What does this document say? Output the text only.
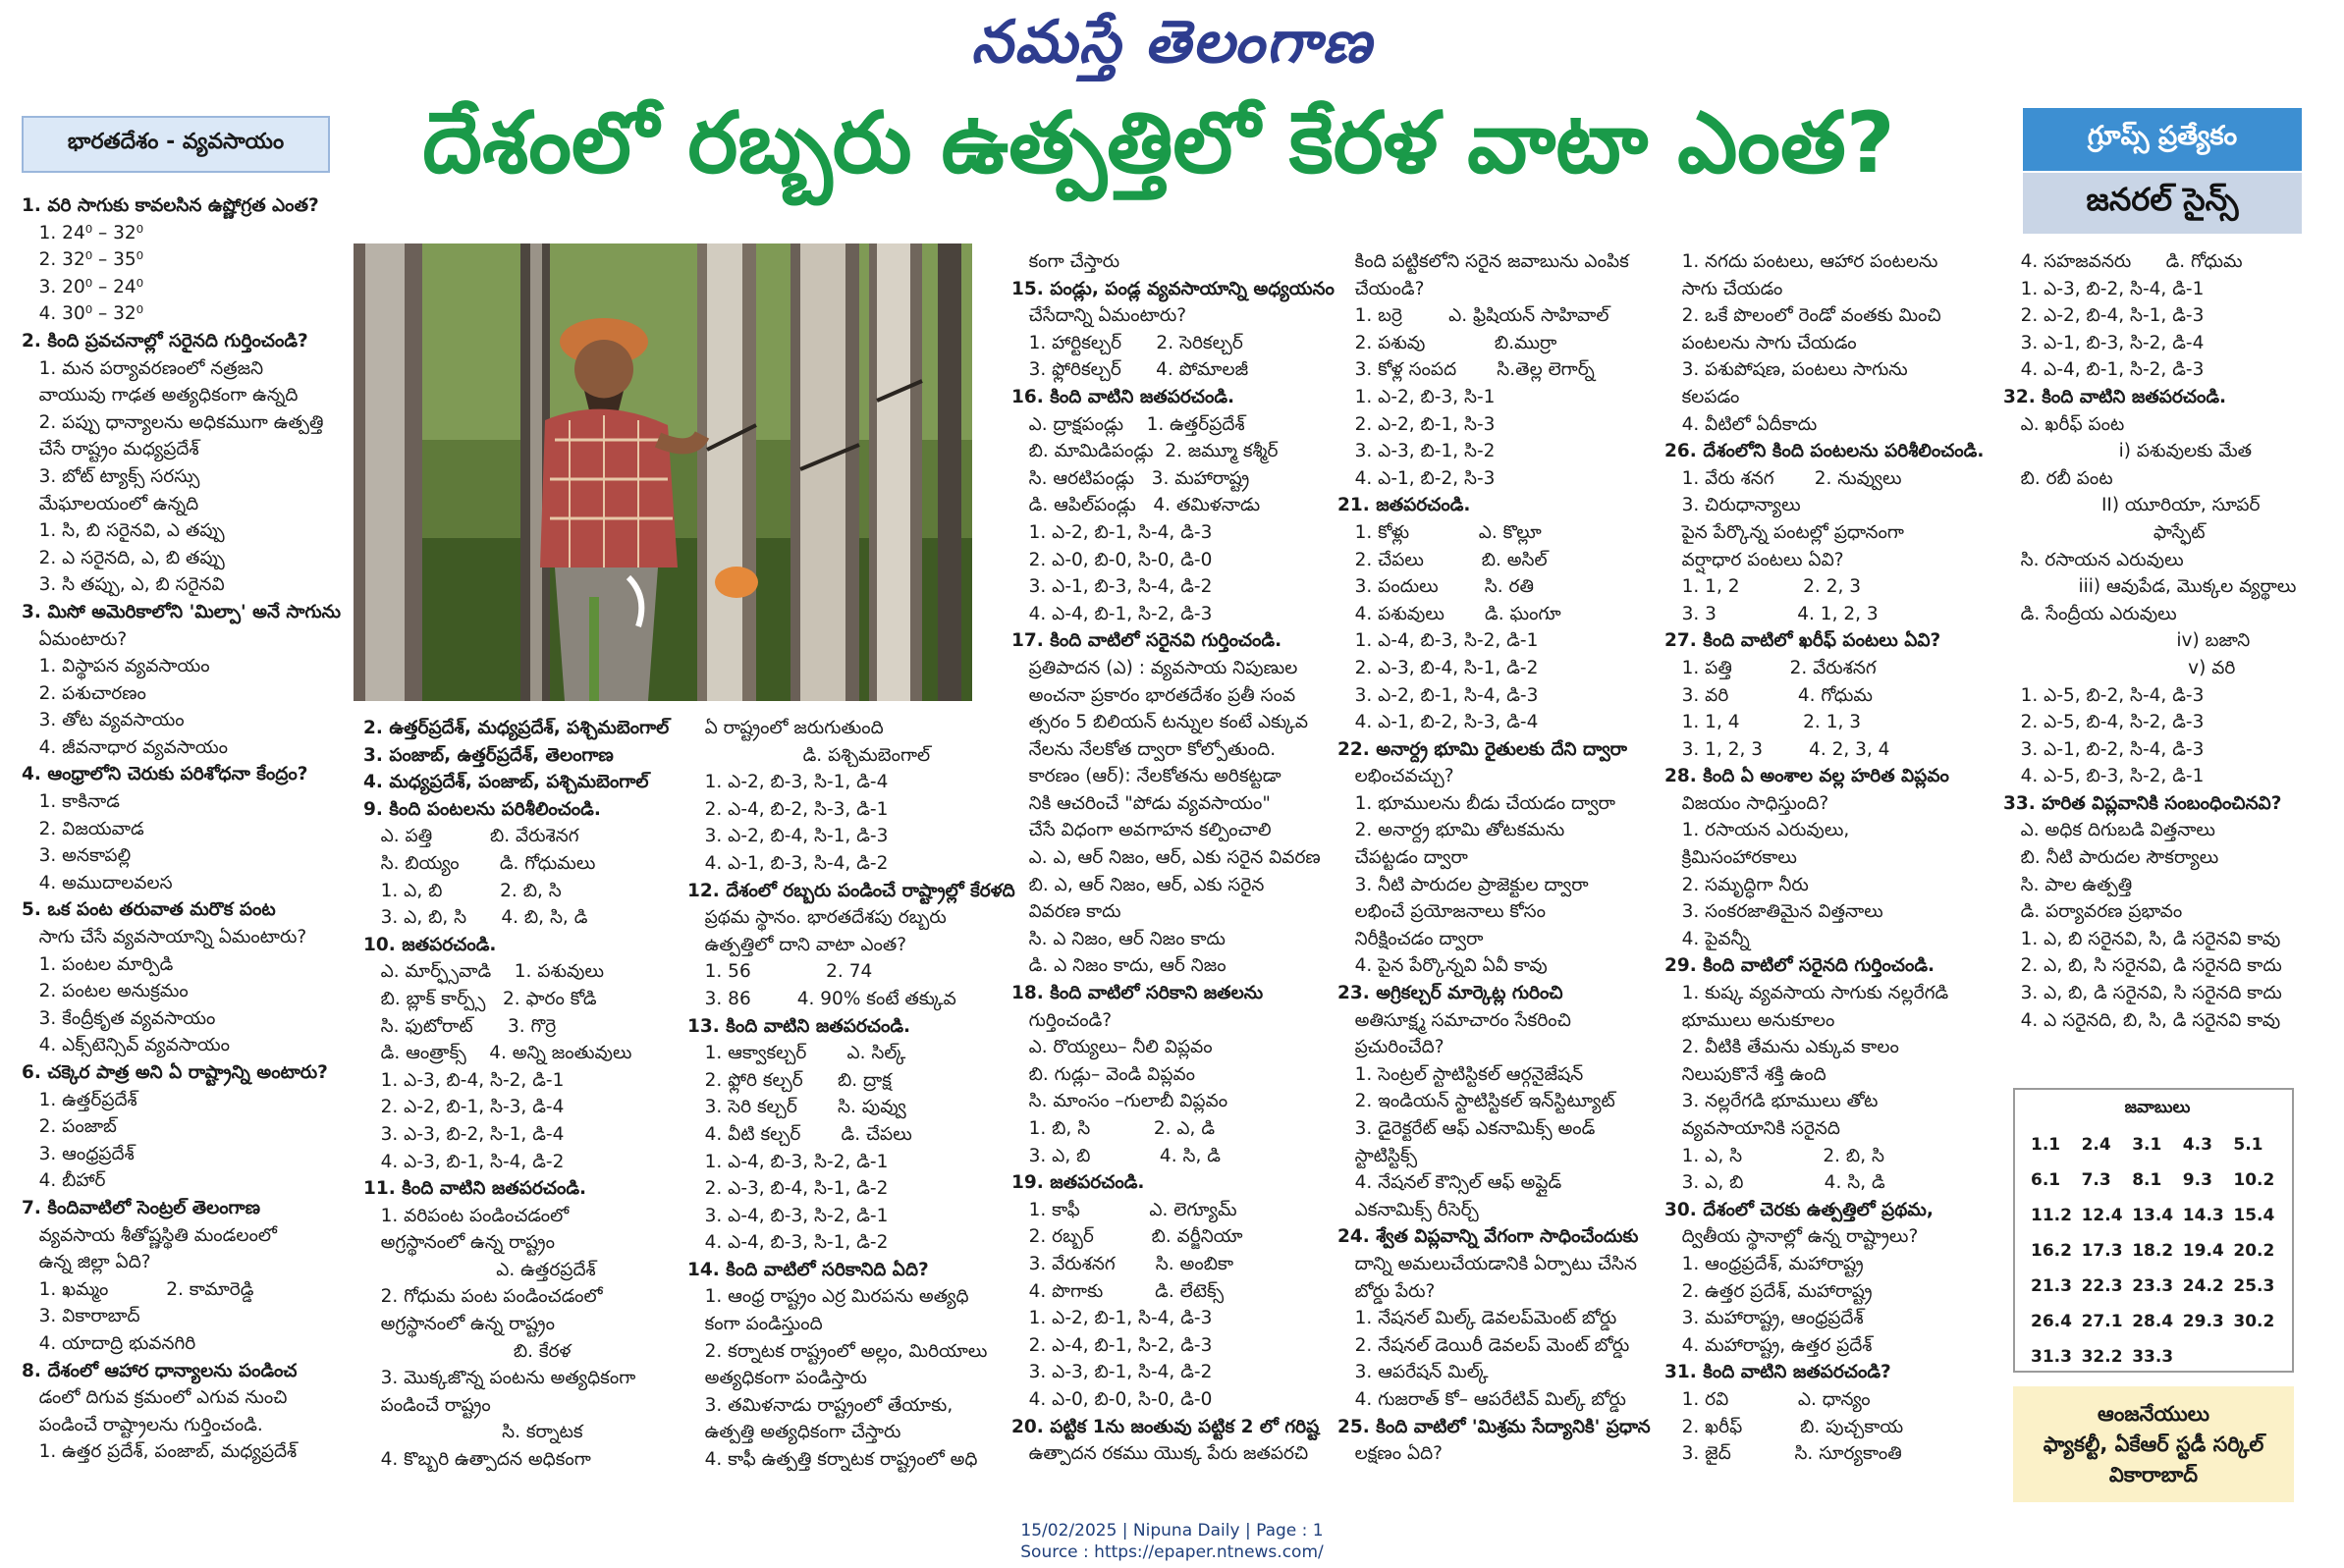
నమస్తే తెలంగాణ
భారతదేశం - వ్యవసాయం	దేశంలో రబ్బరు ఉత్పత్తిలో కేరళ వాటా ఎంత?	గ్రూప్స్ ప్రత్యేకం
జనరల్ సైన్స్
1. వరి సాగుకు కావలసిన ఉష్ణోగ్రత ఎంత?
1. 24⁰ – 32⁰
2. 32⁰ – 35⁰
3. 20⁰ – 24⁰
4. 30⁰ – 32⁰
2. కింది ప్రవచనాల్లో సరైనది గుర్తించండి?
1. మన పర్యావరణంలో నత్రజని
వాయువు గాఢత అత్యధికంగా ఉన్నది
2. పప్పు ధాన్యాలను అధికముగా ఉత్పత్తి
చేసే రాష్ట్రం మధ్యప్రదేశ్
3. బోట్ ట్యాక్స్ సరస్సు
మేఘాలయంలో ఉన్నది
1. సి, బి సరైనవి, ఎ తప్పు
2. ఎ సరైనది, ఎ, బి తప్పు
3. సి తప్పు, ఎ, బి సరైనవి
3. మిసో అమెరికాలోని 'మిల్పా' అనే సాగును
ఏమంటారు?
1. విస్థాపన వ్యవసాయం
2. పశుచారణం
3. తోట వ్యవసాయం
4. జీవనాధార వ్యవసాయం
4. ఆంధ్రాలోని చెరుకు పరిశోధనా కేంద్రం?
1. కాకినాడ
2. విజయవాడ
3. అనకాపల్లి
4. అముదాలవలస
5. ఒక పంట తరువాత మరొక పంట
సాగు చేసే వ్యవసాయాన్ని ఏమంటారు?
1. పంటల మార్పిడి
2. పంటల అనుక్రమం
3. కేంద్రీకృత వ్యవసాయం
4. ఎక్స్‌టెన్సివ్ వ్యవసాయం
6. చక్కెర పాత్ర అని ఏ రాష్ట్రాన్ని అంటారు?
1. ఉత్తర్‌ప్రదేశ్
2. పంజాబ్
3. ఆంధ్రప్రదేశ్
4. బీహార్
7. కిందివాటిలో సెంట్రల్ తెలంగాణ
వ్యవసాయ శీతోష్ణస్థితి మండలంలో
ఉన్న జిల్లా ఏది?
1. ఖమ్మం          2. కామారెడ్డి
3. వికారాబాద్
4. యాదాద్రి భువనగిరి
8. దేశంలో ఆహార ధాన్యాలను పండించ
డంలో దిగువ క్రమంలో ఎగువ నుంచి
పండించే రాష్ట్రాలను గుర్తించండి.
1. ఉత్తర ప్రదేశ్, పంజాబ్, మధ్యప్రదేశ్
2. ఉత్తర్‌ప్రదేశ్, మధ్యప్రదేశ్, పశ్చిమబెంగాల్
3. పంజాబ్, ఉత్తర్‌ప్రదేశ్, తెలంగాణ
4. మధ్యప్రదేశ్, పంజాబ్, పశ్చిమబెంగాల్
9. కింది పంటలను పరిశీలించండి.
ఎ. పత్తి          బి. వేరుశెనగ
సి. బియ్యం       డి. గోధుమలు
1. ఎ, బి          2. బి, సి
3. ఎ, బి, సి      4. బి, సి, డి
10. జతపరచండి.
ఎ. మార్ఫ్స్‌వాడి    1. పశువులు
బి. బ్లాక్ కార్ప్స్   2. ఫారం కోడి
సి. ఫుటోరాట్      3. గొర్రె
డి. ఆంత్రాక్స్    4. అన్ని జంతువులు
1. ఎ-3, బి-4, సి-2, డి-1
2. ఎ-2, బి-1, సి-3, డి-4
3. ఎ-3, బి-2, సి-1, డి-4
4. ఎ-3, బి-1, సి-4, డి-2
11. కింది వాటిని జతపరచండి.
1. వరిపంట పండించడంలో
అగ్రస్థానంలో ఉన్న రాష్ట్రం
ఎ. ఉత్తరప్రదేశ్
2. గోధుమ పంట పండించడంలో
అగ్రస్థానంలో ఉన్న రాష్ట్రం
బి. కేరళ
3. మొక్కజొన్న పంటను అత్యధికంగా
పండించే రాష్ట్రం
సి. కర్నాటక
4. కొబ్బరి ఉత్పాదన అధికంగా
ఏ రాష్ట్రంలో జరుగుతుంది
డి. పశ్చిమబెంగాల్
1. ఎ-2, బి-3, సి-1, డి-4
2. ఎ-4, బి-2, సి-3, డి-1
3. ఎ-2, బి-4, సి-1, డి-3
4. ఎ-1, బి-3, సి-4, డి-2
12. దేశంలో రబ్బరు పండించే రాష్ట్రాల్లో కేరళది
ప్రథమ స్థానం. భారతదేశపు రబ్బరు
ఉత్పత్తిలో దాని వాటా ఎంత?
1. 56             2. 74
3. 86        4. 90% కంటే తక్కువ
13. కింది వాటిని జతపరచండి.
1. ఆక్వాకల్చర్       ఎ. సిల్క్
2. ఫ్లోరి కల్చర్      బి. ద్రాక్ష
3. సెరి కల్చర్       సి. పువ్వు
4. వీటి కల్చర్       డి. చేపలు
1. ఎ-4, బి-3, సి-2, డి-1
2. ఎ-3, బి-4, సి-1, డి-2
3. ఎ-4, బి-3, సి-2, డి-1
4. ఎ-4, బి-3, సి-1, డి-2
14. కింది వాటిలో సరికానిది ఏది?
1. ఆంధ్ర రాష్ట్రం ఎర్ర మిరపను అత్యధి
కంగా పండిస్తుంది
2. కర్నాటక రాష్ట్రంలో అల్లం, మిరియాలు
అత్యధికంగా పండిస్తారు
3. తమిళనాడు రాష్ట్రంలో తేయాకు,
ఉత్పత్తి అత్యధికంగా చేస్తారు
4. కాఫీ ఉత్పత్తి కర్నాటక రాష్ట్రంలో అధి
కంగా చేస్తారు
15. పండ్లు, పండ్ల వ్యవసాయాన్ని అధ్యయనం
చేసేదాన్ని ఏమంటారు?
1. హార్టికల్చర్      2. సెరికల్చర్
3. ఫ్లోరికల్చర్      4. పోమాలజీ
16. కింది వాటిని జతపరచండి.
ఎ. ద్రాక్షపండ్లు    1. ఉత్తర్‌ప్రదేశ్
బి. మామిడిపండ్లు  2. జమ్మూ కశ్మీర్
సి. ఆరటిపండ్లు   3. మహారాష్ట్ర
డి. ఆపిల్‌పండ్లు   4. తమిళనాడు
1. ఎ-2, బి-1, సి-4, డి-3
2. ఎ-0, బి-0, సి-0, డి-0
3. ఎ-1, బి-3, సి-4, డి-2
4. ఎ-4, బి-1, సి-2, డి-3
17. కింది వాటిలో సరైనవి గుర్తించండి.
ప్రతిపాదన (ఎ) : వ్యవసాయ నిపుణుల
అంచనా ప్రకారం భారతదేశం ప్రతీ సంవ
త్సరం 5 బిలియన్ టన్నుల కంటే ఎక్కువ
నేలను నేలకోత ద్వారా కోల్పోతుంది.
కారణం (ఆర్): నేలకోతను అరికట్టడా
నికి ఆచరించే "పోడు వ్యవసాయం"
చేసే విధంగా అవగాహన కల్పించాలి
ఎ. ఎ, ఆర్ నిజం, ఆర్, ఎకు సరైన వివరణ
బి. ఎ, ఆర్ నిజం, ఆర్, ఎకు సరైన
వివరణ కాదు
సి. ఎ నిజం, ఆర్ నిజం కాదు
డి. ఎ నిజం కాదు, ఆర్ నిజం
18. కింది వాటిలో సరికాని జతలను
గుర్తించండి?
ఎ. రొయ్యలు– నీలి విప్లవం
బి. గుడ్లు– వెండి విప్లవం
సి. మాంసం –గులాబీ విప్లవం
1. బి, సి           2. ఎ, డి
3. ఎ, బి            4. సి, డి
19. జతపరచండి.
1. కాఫీ            ఎ. లెగ్యూమ్
2. రబ్బర్          బి. వర్జీనియా
3. వేరుశనగ       సి. అంబికా
4. పొగాకు         డి. లేటెక్స్
1. ఎ-2, బి-1, సి-4, డి-3
2. ఎ-4, బి-1, సి-2, డి-3
3. ఎ-3, బి-1, సి-4, డి-2
4. ఎ-0, బి-0, సి-0, డి-0
20. పట్టిక 1ను జంతువు పట్టిక 2 లో గరిష్ట
ఉత్పాదన రకము యొక్క పేరు జతపరచి
కింది పట్టికలోని సరైన జవాబును ఎంపిక
చేయండి?
1. బర్రె        ఎ. ఫ్రిషియన్ సాహివాల్
2. పశువు            బి.ముర్రా
3. కోళ్ల సంపద       సి.తెల్ల లెగార్న్
1. ఎ-2, బి-3, సి-1
2. ఎ-2, బి-1, సి-3
3. ఎ-3, బి-1, సి-2
4. ఎ-1, బి-2, సి-3
21. జతపరచండి.
1. కోళ్లు            ఎ. కొల్లూ
2. చేపలు          బి. అసిల్
3. పందులు        సి. రతి
4. పశువులు       డి. ఘంగూ
1. ఎ-4, బి-3, సి-2, డి-1
2. ఎ-3, బి-4, సి-1, డి-2
3. ఎ-2, బి-1, సి-4, డి-3
4. ఎ-1, బి-2, సి-3, డి-4
22. అనార్ద్ర భూమి రైతులకు దేని ద్వారా
లభించవచ్చు?
1. భూములను బీడు చేయడం ద్వారా
2. అనార్ద్ర భూమి తోటకమను
చేపట్టడం ద్వారా
3. నీటి పారుదల ప్రాజెక్టుల ద్వారా
లభించే ప్రయోజనాలు కోసం
నిరీక్షించడం ద్వారా
4. పైన పేర్కొన్నవి ఏవీ కావు
23. అగ్రికల్చర్ మార్కెట్ల గురించి
అతిసూక్ష్మ సమాచారం సేకరించి
ప్రచురించేది?
1. సెంట్రల్ స్టాటిస్టికల్ ఆర్గనైజేషన్
2. ఇండియన్ స్టాటిస్టికల్ ఇన్‌స్టిట్యూట్
3. డైరెక్టరేట్ ఆఫ్ ఎకనామిక్స్ అండ్
స్టాటిస్టిక్స్
4. నేషనల్ కౌన్సిల్ ఆఫ్ అప్లైడ్
ఎకనామిక్స్ రీసెర్చ్
24. శ్వేత విప్లవాన్ని వేగంగా సాధించేందుకు
దాన్ని అమలుచేయడానికి ఏర్పాటు చేసిన
బోర్డు పేరు?
1. నేషనల్ మిల్క్ డెవలప్‌మెంట్ బోర్డు
2. నేషనల్ డెయిరీ డెవలప్ మెంట్ బోర్డు
3. ఆపరేషన్ మిల్క్
4. గుజరాత్ కో– ఆపరేటివ్ మిల్క్ బోర్డు
25. కింది వాటిలో 'మిశ్రమ సేద్యానికి' ప్రధాన
లక్షణం ఏది?
1. నగదు పంటలు, ఆహార పంటలను
సాగు చేయడం
2. ఒకే పొలంలో రెండో వంతకు మించి
పంటలను సాగు చేయడం
3. పశుపోషణ, పంటలు సాగును
కలపడం
4. వీటిలో ఏదీకాదు
26. దేశంలోని కింది పంటలను పరిశీలించండి.
1. వేరు శనగ       2. నువ్వులు
3. చిరుధాన్యాలు
పైన పేర్కొన్న పంటల్లో ప్రధానంగా
వర్షాధార పంటలు ఏవి?
1. 1, 2           2. 2, 3
3. 3              4. 1, 2, 3
27. కింది వాటిలో ఖరీఫ్ పంటలు ఏవి?
1. పత్తి          2. వేరుశనగ
3. వరి            4. గోధుమ
1. 1, 4           2. 1, 3
3. 1, 2, 3        4. 2, 3, 4
28. కింది ఏ అంశాల వల్ల హరిత విప్లవం
విజయం సాధిస్తుంది?
1. రసాయన ఎరువులు,
క్రిమిసంహారకాలు
2. సమృద్ధిగా నీరు
3. సంకరజాతిమైన విత్తనాలు
4. పైవన్నీ
29. కింది వాటిలో సరైనది గుర్తించండి.
1. కుష్క వ్యవసాయ సాగుకు నల్లరేగడి
భూములు అనుకూలం
2. వీటికి తేమను ఎక్కువ కాలం
నిలుపుకొనే శక్తి ఉంది
3. నల్లరేగడి భూములు తోట
వ్యవసాయానికి సరైనది
1. ఎ, సి              2. బి, సి
3. ఎ, బి              4. సి, డి
30. దేశంలో చెరకు ఉత్పత్తిలో ప్రథమ,
ద్వితీయ స్థానాల్లో ఉన్న రాష్ట్రాలు?
1. ఆంధ్రప్రదేశ్, మహారాష్ట్ర
2. ఉత్తర ప్రదేశ్, మహారాష్ట్ర
3. మహారాష్ట్ర, ఆంధ్రప్రదేశ్
4. మహారాష్ట్ర, ఉత్తర ప్రదేశ్
31. కింది వాటిని జతపరచండి?
1. రవి            ఎ. ధాన్యం
2. ఖరీఫ్          బి. పుచ్చకాయ
3. జైద్           సి. సూర్యకాంతి
4. సహజవనరు      డి. గోధుమ
1. ఎ-3, బి-2, సి-4, డి-1
2. ఎ-2, బి-4, సి-1, డి-3
3. ఎ-1, బి-3, సి-2, డి-4
4. ఎ-4, బి-1, సి-2, డి-3
32. కింది వాటిని జతపరచండి.
ఎ. ఖరీఫ్ పంట
i) పశువులకు మేత
బి. రబీ పంట
II) యూరియా, సూపర్
ఫాస్ఫేట్
సి. రసాయన ఎరువులు
iii) ఆవుపేడ, మొక్కల వ్యర్థాలు
డి. సేంద్రీయ ఎరువులు
iv) బజాని
v) వరి
1. ఎ-5, బి-2, సి-4, డి-3
2. ఎ-5, బి-4, సి-2, డి-3
3. ఎ-1, బి-2, సి-4, డి-3
4. ఎ-5, బి-3, సి-2, డి-1
33. హరిత విప్లవానికి సంబంధించినవి?
ఎ. అధిక దిగుబడి విత్తనాలు
బి. నీటి పారుదల సౌకర్యాలు
సి. పాల ఉత్పత్తి
డి. పర్యావరణ ప్రభావం
1. ఎ, బి సరైనవి, సి, డి సరైనవి కావు
2. ఎ, బి, సి సరైనవి, డి సరైనది కాదు
3. ఎ, బి, డి సరైనవి, సి సరైనది కాదు
4. ఎ సరైనది, బి, సి, డి సరైనవి కావు
జవాబులు
1.1	2.4	3.1	4.3	5.1
6.1	7.3	8.1	9.3	10.2
11.2 12.4 13.4 14.3 15.4
16.2 17.3 18.2 19.4 20.2
21.3 22.3 23.3 24.2 25.3
26.4 27.1 28.4 29.3 30.2
31.3 32.2 33.3
ఆంజనేయులు
ఫ్యాకల్టీ, ఏకేఆర్ స్టడీ సర్కిల్
వికారాబాద్
15/02/2025 | Nipuna Daily | Page : 1
Source : https://epaper.ntnews.com/
